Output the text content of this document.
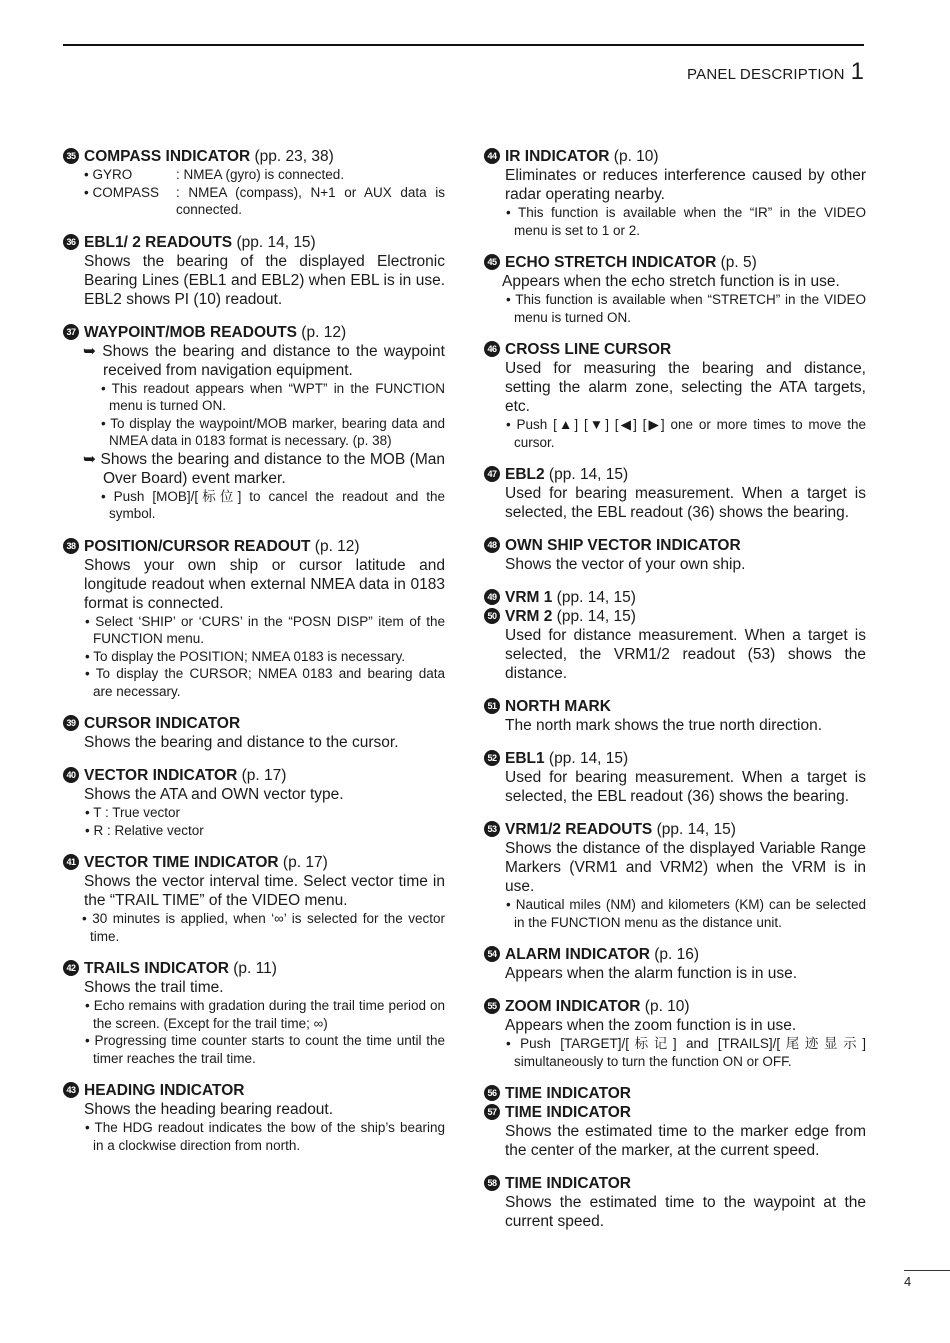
PANEL DESCRIPTION 1
35 COMPASS INDICATOR (pp. 23, 38)
• GYRO	: NMEA (gyro) is connected.
• COMPASS	: NMEA (compass), N+1 or AUX data is connected.
36 EBL1/ 2 READOUTS (pp. 14, 15)
Shows the bearing of the displayed Electronic Bearing Lines (EBL1 and EBL2) when EBL is in use. EBL2 shows PI (10) readout.
37 WAYPOINT/MOB READOUTS (p. 12)
➥ Shows the bearing and distance to the waypoint received from navigation equipment.
• This readout appears when “WPT” in the FUNCTION menu is turned ON.
• To display the waypoint/MOB marker, bearing data and NMEA data in 0183 format is necessary. (p. 38)
➥ Shows the bearing and distance to the MOB (Man Over Board) event marker.
• Push [MOB]/[标位] to cancel the readout and the symbol.
38 POSITION/CURSOR READOUT (p. 12)
Shows your own ship or cursor latitude and longitude readout when external NMEA data in 0183 format is connected.
• Select ‘SHIP’ or ‘CURS’ in the “POSN DISP” item of the FUNCTION menu.
• To display the POSITION; NMEA 0183 is necessary.
• To display the CURSOR; NMEA 0183 and bearing data are necessary.
39 CURSOR INDICATOR
Shows the bearing and distance to the cursor.
40 VECTOR INDICATOR (p. 17)
Shows the ATA and OWN vector type.
• T : True vector
• R : Relative vector
41 VECTOR TIME INDICATOR (p. 17)
Shows the vector interval time. Select vector time in the “TRAIL TIME” of the VIDEO menu.
• 30 minutes is applied, when ‘∞’ is selected for the vector time.
42 TRAILS INDICATOR (p. 11)
Shows the trail time.
• Echo remains with gradation during the trail time period on the screen. (Except for the trail time; ∞)
• Progressing time counter starts to count the time until the timer reaches the trail time.
43 HEADING INDICATOR
Shows the heading bearing readout.
• The HDG readout indicates the bow of the ship’s bearing in a clockwise direction from north.
44 IR INDICATOR (p. 10)
Eliminates or reduces interference caused by other radar operating nearby.
• This function is available when the “IR” in the VIDEO menu is set to 1 or 2.
45 ECHO STRETCH INDICATOR (p. 5)
Appears when the echo stretch function is in use.
• This function is available when “STRETCH” in the VIDEO menu is turned ON.
46 CROSS LINE CURSOR
Used for measuring the bearing and distance, setting the alarm zone, selecting the ATA targets, etc.
• Push [▲] [▼] [◀] [▶] one or more times to move the cursor.
47 EBL2 (pp. 14, 15)
Used for bearing measurement. When a target is selected, the EBL readout (36) shows the bearing.
48 OWN SHIP VECTOR INDICATOR
Shows the vector of your own ship.
49 VRM 1 (pp. 14, 15)
50 VRM 2 (pp. 14, 15)
Used for distance measurement. When a target is selected, the VRM1/2 readout (53) shows the distance.
51 NORTH MARK
The north mark shows the true north direction.
52 EBL1 (pp. 14, 15)
Used for bearing measurement. When a target is selected, the EBL readout (36) shows the bearing.
53 VRM1/2 READOUTS (pp. 14, 15)
Shows the distance of the displayed Variable Range Markers (VRM1 and VRM2) when the VRM is in use.
• Nautical miles (NM) and kilometers (KM) can be selected in the FUNCTION menu as the distance unit.
54 ALARM INDICATOR (p. 16)
Appears when the alarm function is in use.
55 ZOOM INDICATOR (p. 10)
Appears when the zoom function is in use.
• Push [TARGET]/[标记] and [TRAILS]/[尾迹显示] simultaneously to turn the function ON or OFF.
56 TIME INDICATOR
57 TIME INDICATOR
Shows the estimated time to the marker edge from the center of the marker, at the current speed.
58 TIME INDICATOR
Shows the estimated time to the waypoint at the current speed.
4
